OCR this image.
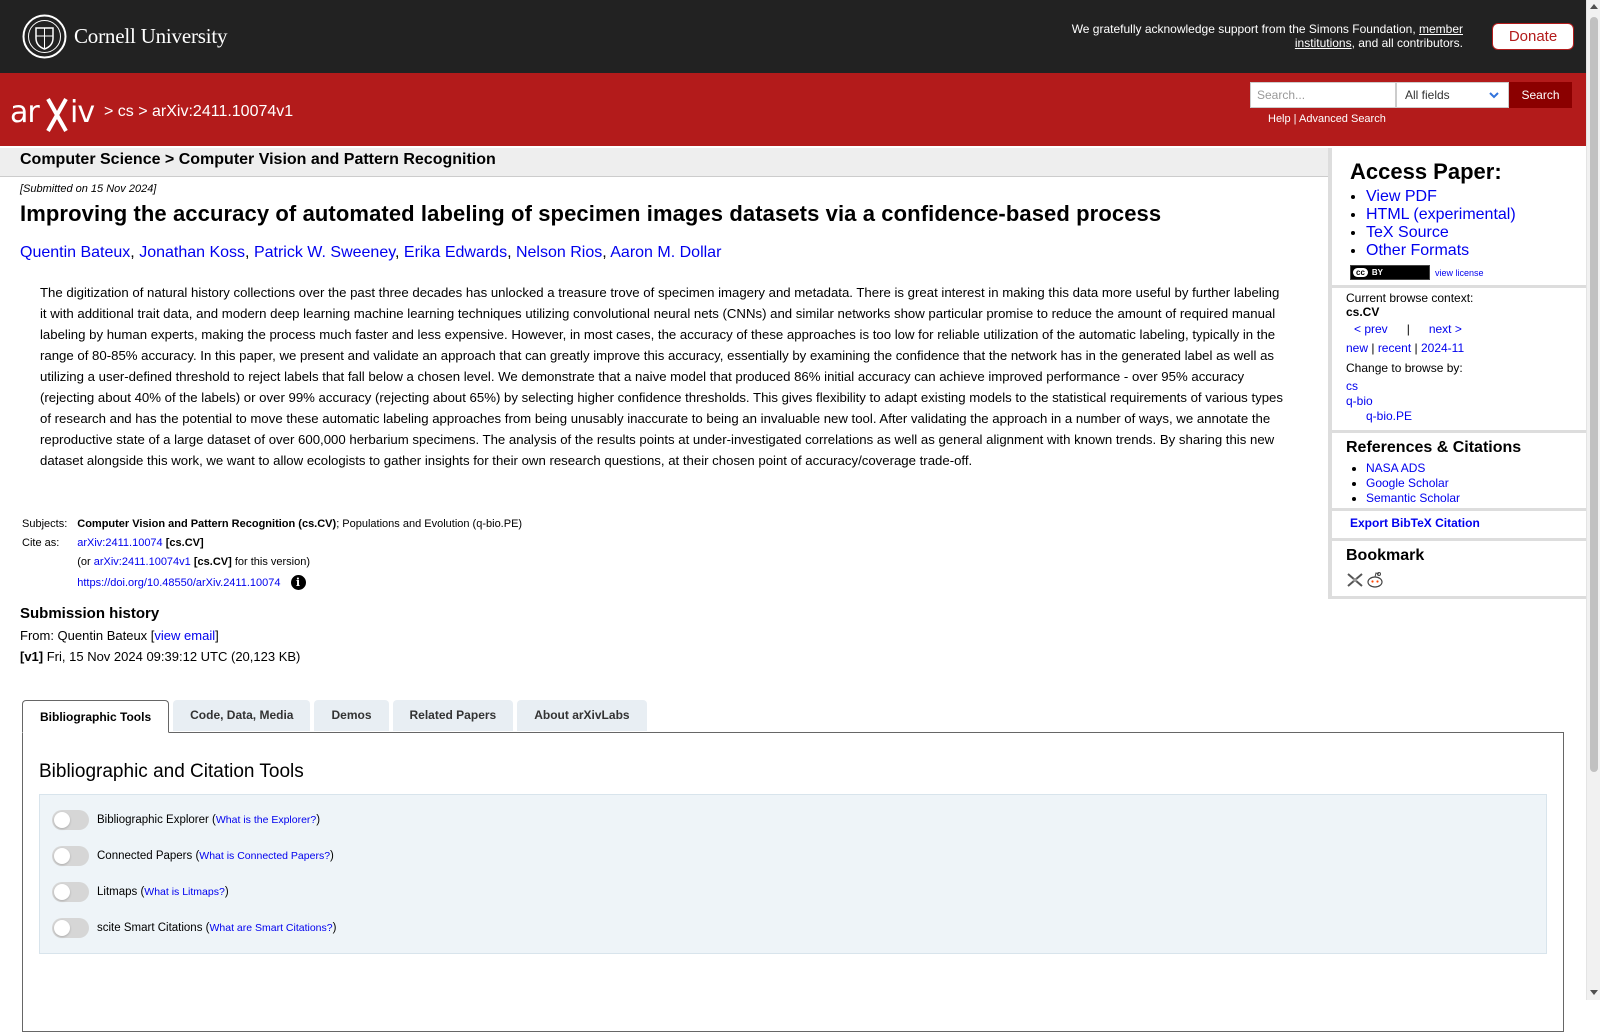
Cornell University	We gratefully acknowledge support from the Simons Foundation, member institutions, and all contributors.	Donate
ar iv > cs > arXiv:2411.10074v1
Search...
All fields	Search
Help | Advanced Search
Computer Science > Computer Vision and Pattern Recognition
[Submitted on 15 Nov 2024]
Improving the accuracy of automated labeling of specimen images datasets via a confidence-based process
Quentin Bateux, Jonathan Koss, Patrick W. Sweeney, Erika Edwards, Nelson Rios, Aaron M. Dollar

The digitization of natural history collections over the past three decades has unlocked a treasure trove of specimen imagery and metadata. There is great interest in making this data more useful by further labeling it with additional trait data, and modern deep learning machine learning techniques utilizing convolutional neural nets (CNNs) and similar networks show particular promise to reduce the amount of required manual labeling by human experts, making the process much faster and less expensive. However, in most cases, the accuracy of these approaches is too low for reliable utilization of the automatic labeling, typically in the range of 80-85% accuracy. In this paper, we present and validate an approach that can greatly improve this accuracy, essentially by examining the confidence that the network has in the generated label as well as utilizing a user-defined threshold to reject labels that fall below a chosen level. We demonstrate that a naive model that produced 86% initial accuracy can achieve improved performance - over 95% accuracy (rejecting about 40% of the labels) or over 99% accuracy (rejecting about 65%) by selecting higher confidence thresholds. This gives flexibility to adapt existing models to the statistical requirements of various types of research and has the potential to move these automatic labeling approaches from being unusably inaccurate to being an invaluable new tool. After validating the approach in a number of ways, we annotate the reproductive state of a large dataset of over 600,000 herbarium specimens. The analysis of the results points at under-investigated correlations as well as general alignment with known trends. By sharing this new dataset alongside this work, we want to allow ecologists to gather insights for their own research questions, at their chosen point of accuracy/coverage trade-off.

Subjects:	Computer Vision and Pattern Recognition (cs.CV); Populations and Evolution (q-bio.PE)
Cite as:	arXiv:2411.10074 [cs.CV]
	(or arXiv:2411.10074v1 [cs.CV] for this version)
	https://doi.org/10.48550/arXiv.2411.10074 i
Submission history
From: Quentin Bateux [view email]
[v1] Fri, 15 Nov 2024 09:39:12 UTC (20,123 KB)
Access Paper:
• View PDF
• HTML (experimental)
• TeX Source
• Other Formats
cc BY	view license
Current browse context:
cs.CV
< prev | next >
new | recent | 2024-11
Change to browse by:
cs
q-bio
q-bio.PE
References & Citations
• NASA ADS
• Google Scholar
• Semantic Scholar
Export BibTeX Citation
Bookmark
Bibliographic Tools	Code, Data, Media	Demos	Related Papers	About arXivLabs
Bibliographic and Citation Tools
Bibliographic Explorer ( What is the Explorer? )
Connected Papers ( What is Connected Papers? )
Litmaps ( What is Litmaps? )
scite Smart Citations ( What are Smart Citations? )
